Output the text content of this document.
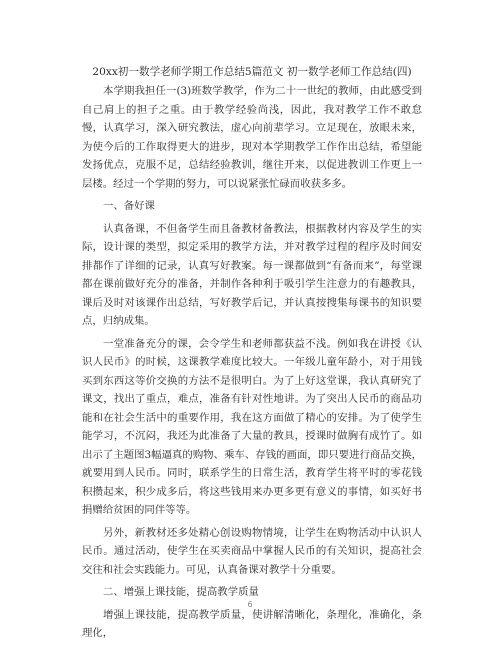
20xx初一数学老师学期工作总结5篇范文 初一数学老师工作总结(四)

本学期我担任一(3)班数学教学，作为二十一世纪的教师，由此感受到自己肩上的担子之重。由于教学经验尚浅，因此，我对教学工作不敢怠慢，认真学习，深入研究教法，虚心向前辈学习。立足现在，放眼未来，为使今后的工作取得更大的进步，现对本学期教学工作作出总结，希望能发扬优点，克服不足，总结经验教训，继往开来，以促进教训工作更上一层楼。经过一个学期的努力，可以说紧张忙碌而收获多多。

一、备好课

认真备课，不但备学生而且备教材备教法，根据教材内容及学生的实际，设计课的类型，拟定采用的教学方法，并对教学过程的程序及时间安排都作了详细的记录，认真写好教案。每一课都做到“有备而来”，每堂课都在课前做好充分的准备，并制作各种利于吸引学生注意力的有趣教具，课后及时对该课作出总结，写好教学后记，并认真按搜集每课书的知识要点，归纳成集。

一堂准备充分的课，会令学生和老师都获益不浅。例如我在讲授《认识人民币》的时候，这课教学难度比较大。一年级儿童年龄小，对于用钱买到东西这等价交换的方法不是很明白。为了上好这堂课，我认真研究了课文，找出了重点，难点，准备有针对性地讲。为了突出人民币的商品功能和在社会生活中的重要作用，我在这方面做了精心的安排。为了使学生能学习，不沉闷，我还为此准备了大量的教具，授课时做胸有成竹了。如出示了主题图3幅逼真的购物、乘车、存钱的画面，即只要进行商品交换，就要用到人民币。同时，联系学生的日常生活，教育学生将平时的零花钱积攒起来，积少成多后，将这些钱用来办更多更有意义的事情，如买好书捐赠给贫困的同伴等等。

另外，新教材还多处精心创设购物情境，让学生在购物活动中认识人民币。通过活动，使学生在买卖商品中掌握人民币的有关知识，提高社会交往和社会实践能力。可见，认真备课对教学十分重要。

二、增强上课技能，提高教学质量

增强上课技能，提高教学质量，使讲解清晰化，条理化，准确化，条理化，

6
